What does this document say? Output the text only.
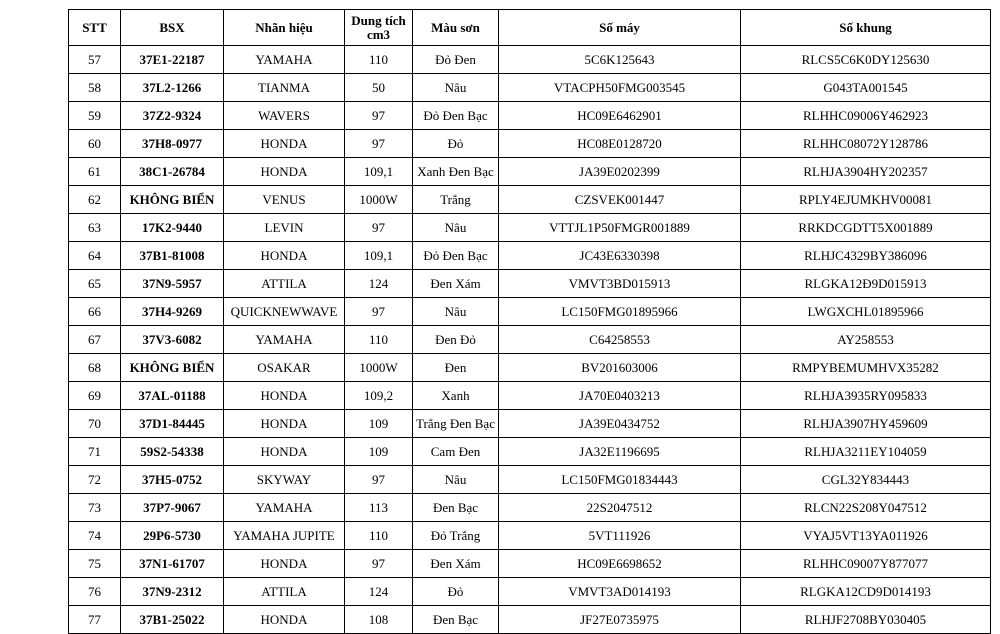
STT	BSX	Nhãn hiệu	Dung tích cm3	Màu sơn	Số máy	Số khung
57	37E1-22187	YAMAHA	110	Đỏ Đen	5C6K125643	RLCS5C6K0DY125630
58	37L2-1266	TIANMA	50	Nâu	VTACPH50FMG003545	G043TA001545
59	37Z2-9324	WAVERS	97	Đỏ Đen Bạc	HC09E6462901	RLHHC09006Y462923
60	37H8-0977	HONDA	97	Đỏ	HC08E0128720	RLHHC08072Y128786
61	38C1-26784	HONDA	109,1	Xanh Đen Bạc	JA39E0202399	RLHJA3904HY202357
62	KHÔNG BIỂN	VENUS	1000W	Trắng	CZSVEK001447	RPLY4EJUMKHV00081
63	17K2-9440	LEVIN	97	Nâu	VTTJL1P50FMGR001889	RRKDCGDTT5X001889
64	37B1-81008	HONDA	109,1	Đỏ Đen Bạc	JC43E6330398	RLHJC4329BY386096
65	37N9-5957	ATTILA	124	Đen Xám	VMVT3BD015913	RLGKA12Đ9D015913
66	37H4-9269	QUICKNEWWAVE	97	Nâu	LC150FMG01895966	LWGXCHL01895966
67	37V3-6082	YAMAHA	110	Đen Đỏ	C64258553	AY258553
68	KHÔNG BIỂN	OSAKAR	1000W	Đen	BV201603006	RMPYBEMUMHVX35282
69	37AL-01188	HONDA	109,2	Xanh	JA70E0403213	RLHJA3935RY095833
70	37D1-84445	HONDA	109	Trắng Đen Bạc	JA39E0434752	RLHJA3907HY459609
71	59S2-54338	HONDA	109	Cam Đen	JA32E1196695	RLHJA3211EY104059
72	37H5-0752	SKYWAY	97	Nâu	LC150FMG01834443	CGL32Y834443
73	37P7-9067	YAMAHA	113	Đen Bạc	22S2047512	RLCN22S208Y047512
74	29P6-5730	YAMAHA JUPITE	110	Đỏ Trắng	5VT111926	VYAJ5VT13YA011926
75	37N1-61707	HONDA	97	Đen Xám	HC09E6698652	RLHHC09007Y877077
76	37N9-2312	ATTILA	124	Đỏ	VMVT3AD014193	RLGKA12CD9D014193
77	37B1-25022	HONDA	108	Đen Bạc	JF27E0735975	RLHJF2708BY030405
